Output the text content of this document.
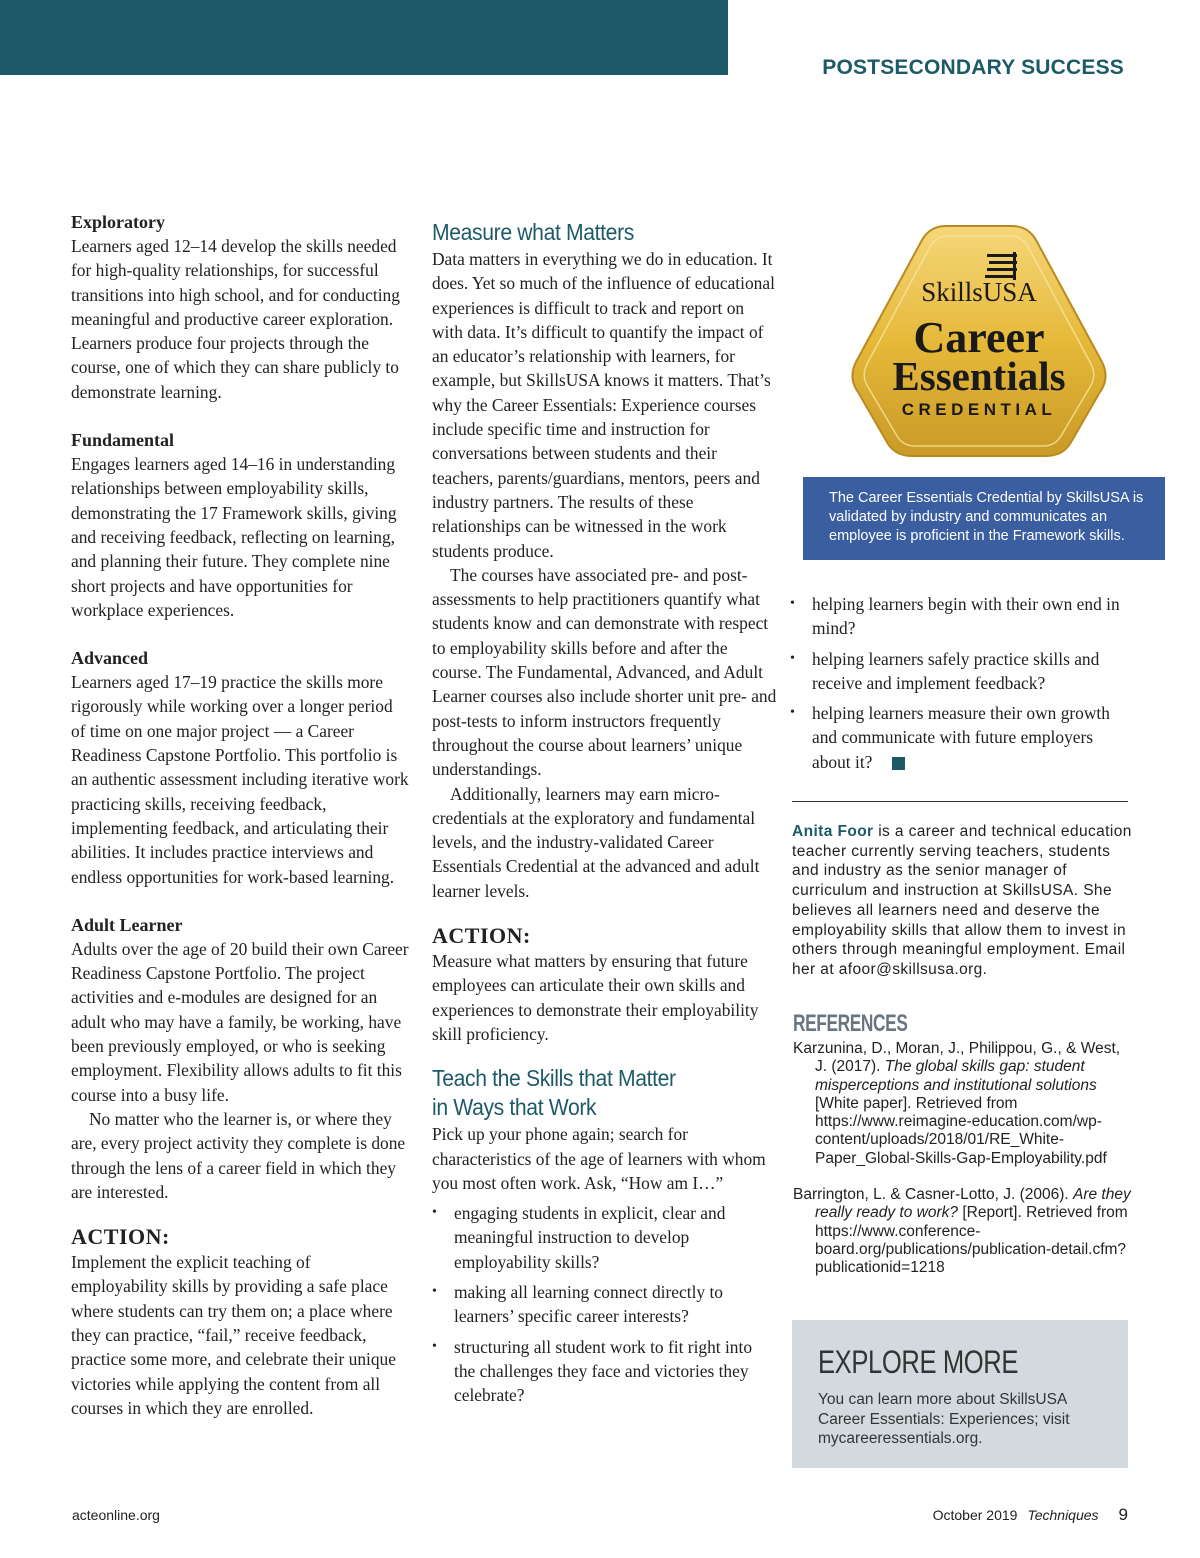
POSTSECONDARY SUCCESS

Exploratory

Learners aged 12–14 develop the skills needed for high-quality relationships, for successful transitions into high school, and for conducting meaningful and productive career exploration. Learners produce four projects through the course, one of which they can share publicly to demonstrate learning.

Fundamental

Engages learners aged 14–16 in understanding relationships between employability skills, demonstrating the 17 Framework skills, giving and receiving feedback, reflecting on learning, and planning their future. They complete nine short projects and have opportunities for workplace experiences.

Advanced

Learners aged 17–19 practice the skills more rigorously while working over a longer period of time on one major project — a Career Readiness Capstone Portfolio. This portfolio is an authentic assessment including iterative work practicing skills, receiving feedback, implementing feedback, and articulating their abilities. It includes practice interviews and endless opportunities for work-based learning.

Adult Learner

Adults over the age of 20 build their own Career Readiness Capstone Portfolio. The project activities and e-modules are designed for an adult who may have a family, be working, have been previously employed, or who is seeking employment. Flexibility allows adults to fit this course into a busy life.

No matter who the learner is, or where they are, every project activity they complete is done through the lens of a career field in which they are interested.

ACTION:

Implement the explicit teaching of employability skills by providing a safe place where students can try them on; a place where they can practice, “fail,” receive feedback, practice some more, and celebrate their unique victories while applying the content from all courses in which they are enrolled.

Measure what Matters

Data matters in everything we do in education. It does. Yet so much of the influence of educational experiences is difficult to track and report on with data. It’s difficult to quantify the impact of an educator’s relationship with learners, for example, but SkillsUSA knows it matters. That’s why the Career Essentials: Experience courses include specific time and instruction for conversations between students and their teachers, parents/guardians, mentors, peers and industry partners. The results of these relationships can be witnessed in the work students produce.

The courses have associated pre- and post-assessments to help practitioners quantify what students know and can demonstrate with respect to employability skills before and after the course. The Fundamental, Advanced, and Adult Learner courses also include shorter unit pre- and post-tests to inform instructors frequently throughout the course about learners’ unique understandings.

Additionally, learners may earn micro-credentials at the exploratory and fundamental levels, and the industry-validated Career Essentials Credential at the advanced and adult learner levels.

ACTION:

Measure what matters by ensuring that future employees can articulate their own skills and experiences to demonstrate their employability skill proficiency.

Teach the Skills that Matter

in Ways that Work

Pick up your phone again; search for characteristics of the age of learners with whom you most often work. Ask, “How am I…”

• engaging students in explicit, clear and meaningful instruction to develop employability skills?
• making all learning connect directly to learners’ specific career interests?
• structuring all student work to fit right into the challenges they face and victories they celebrate?
SkillsUSA
Career
Essentials
CREDENTIAL
The Career Essentials Credential by SkillsUSA is validated by industry and communicates an employee is proficient in the Framework skills.
• helping learners begin with their own end in mind?
• helping learners safely practice skills and receive and implement feedback?
• helping learners measure their own growth and communicate with future employers about it?
Anita Foor is a career and technical education teacher currently serving teachers, students and industry as the senior manager of curriculum and instruction at SkillsUSA. She believes all learners need and deserve the employability skills that allow them to invest in others through meaningful employment. Email her at afoor@skillsusa.org.
REFERENCES
Karzunina, D., Moran, J., Philippou, G., & West, J. (2017). The global skills gap: student misperceptions and institutional solutions [White paper]. Retrieved from https://www.reimagine-education.com/wp-content/uploads/2018/01/RE_White-Paper_Global-Skills-Gap-Employability.pdf
Barrington, L. & Casner-Lotto, J. (2006). Are they really ready to work? [Report]. Retrieved from https://www.conference-board.org/publications/publication-detail.cfm?publicationid=1218
EXPLORE MORE
You can learn more about SkillsUSA Career Essentials: Experiences; visit mycareeressentials.org.
acteonline.org	October 2019 Techniques 9
